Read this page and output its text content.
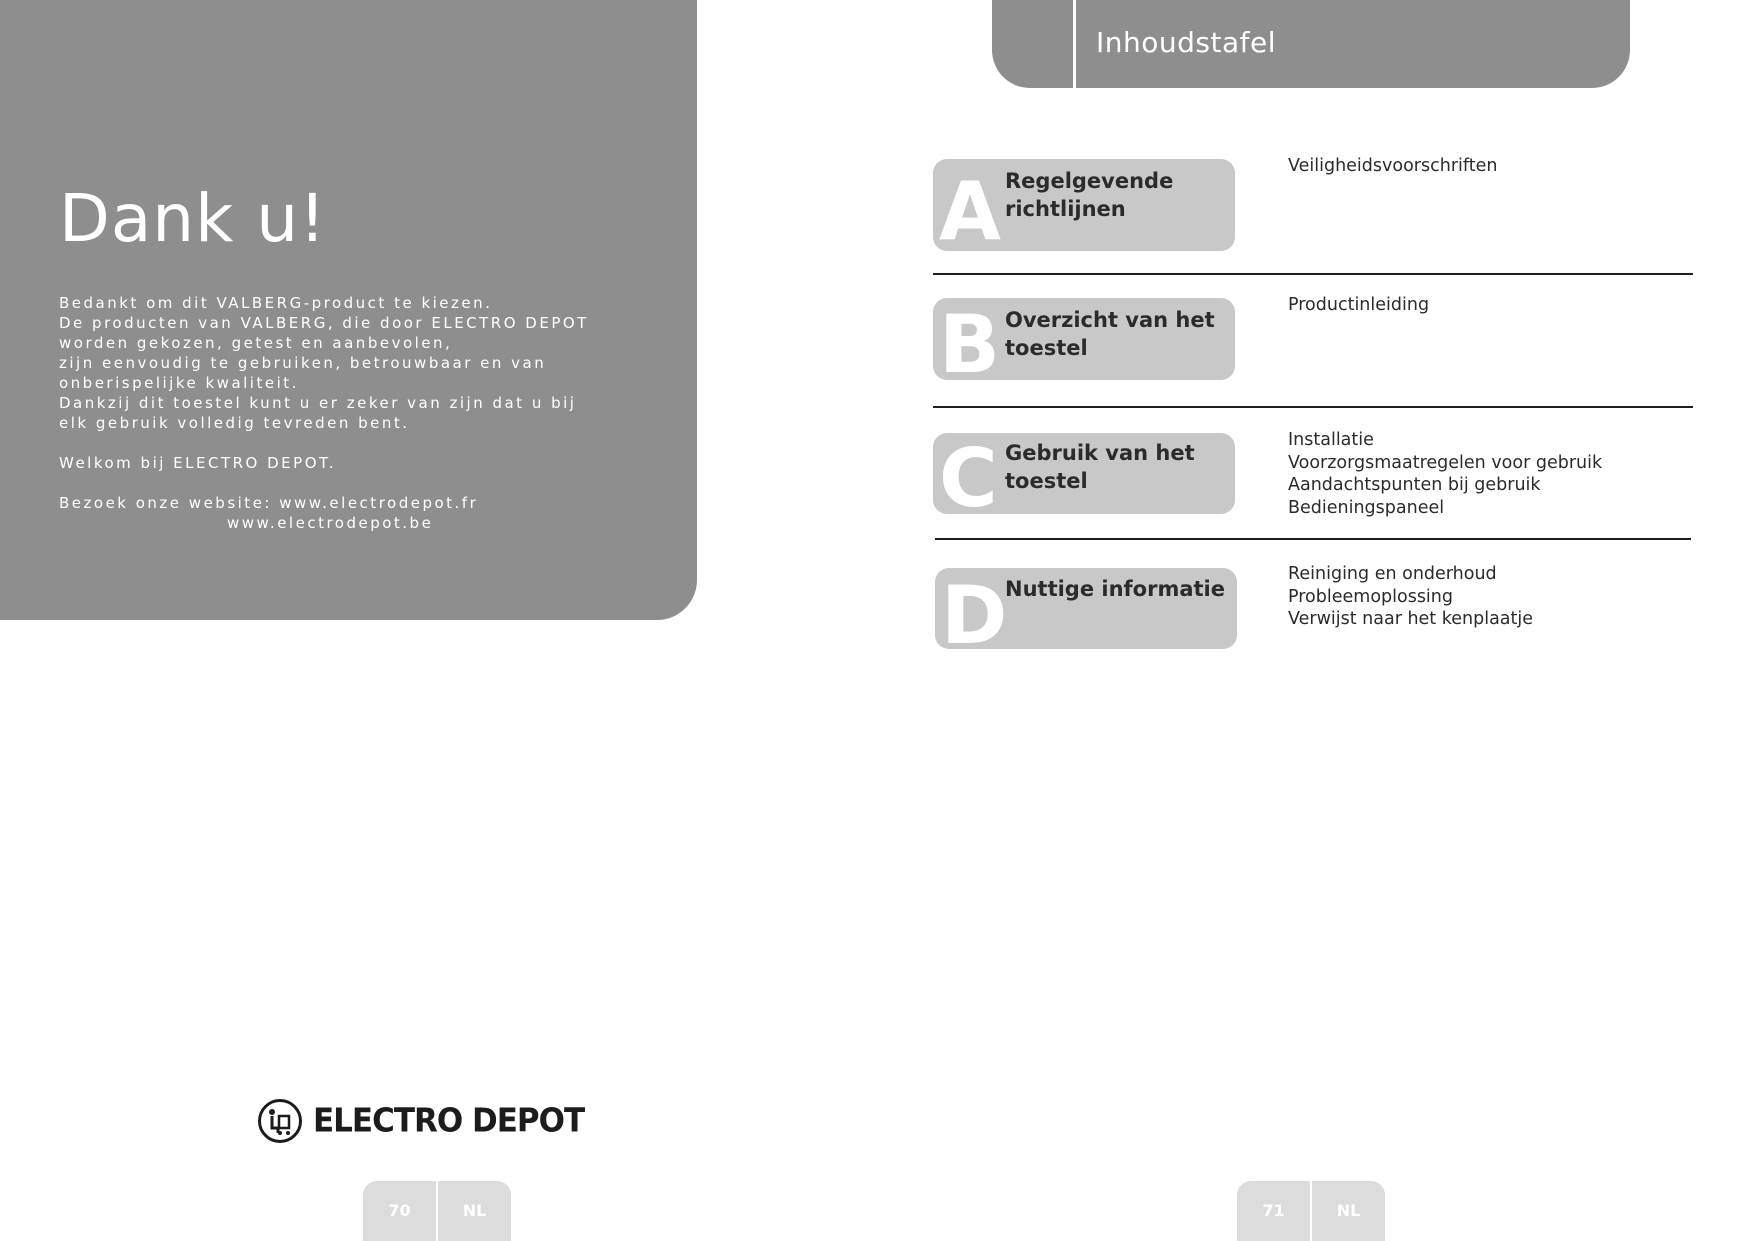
Dank u!

Bedankt om dit VALBERG-product te kiezen.

De producten van VALBERG, die door ELECTRO DEPOT

worden gekozen, getest en aanbevolen,

zijn eenvoudig te gebruiken, betrouwbaar en van

onberispelijke kwaliteit.

Dankzij dit toestel kunt u er zeker van zijn dat u bij

elk gebruik volledig tevreden bent.

Welkom bij ELECTRO DEPOT.

Bezoek onze website: www.electrodepot.fr

www.electrodepot.be

ELECTRO DEPOT
70	NL
Inhoudstafel
A Regelgevende
richtlijnen
Veiligheidsvoorschriften
B Overzicht van het
toestel
Productinleiding
C Gebruik van het
toestel
Installatie
Voorzorgsmaatregelen voor gebruik
Aandachtspunten bij gebruik
Bedieningspaneel
D
Nuttige informatie
Reiniging en onderhoud
Probleemoplossing
Verwijst naar het kenplaatje
71	NL
